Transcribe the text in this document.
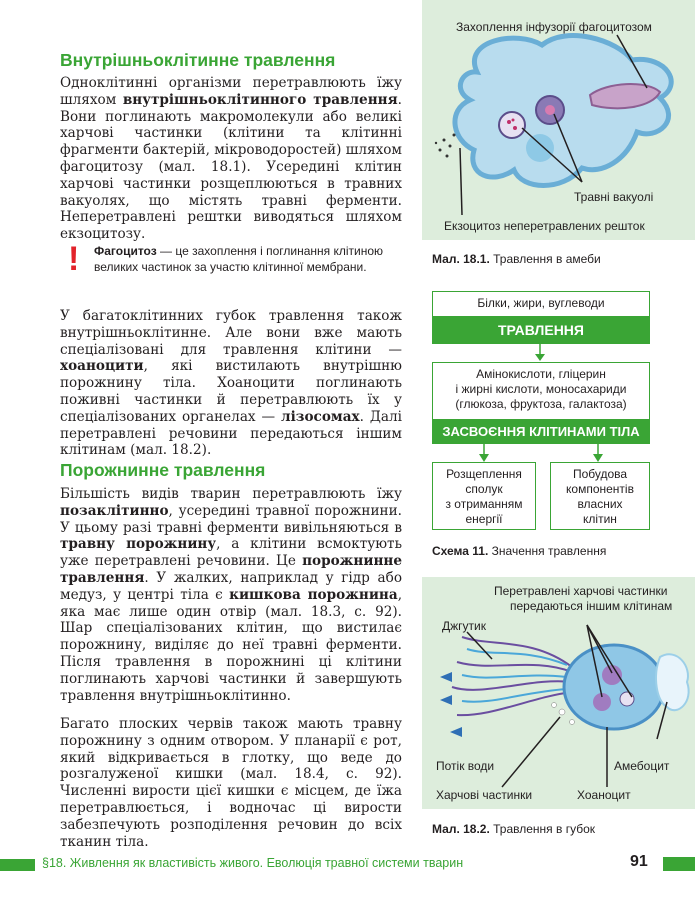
Внутрішньоклітинне травлення

Одноклітинні організми перетравлюють їжу шляхом внутрішньоклітинного травлення. Вони поглинають макромолекули або великі харчові частинки (клітини та клітинні фрагменти бактерій, мікроводоростей) шляхом фагоцитозу (мал. 18.1). Усередині клітин харчові частинки розщеплюються в травних вакуолях, що містять травні ферменти. Неперетравлені рештки виводяться шляхом екзоцитозу.

! Фагоцитоз — це захоплення і поглинання клітиною великих частинок за участю клітинної мембрани.

У багатоклітинних губок травлення також внутрішньоклітинне. Але вони вже мають спеціалізовані для травлення клітини — хоаноцити, які вистилають внутрішню порожнину тіла. Хоаноцити поглинають поживні частинки й перетравлюють їх у спеціалізованих органелах — лізосомах. Далі перетравлені речовини передаються іншим клітинам (мал. 18.2).

Порожнинне травлення

Більшість видів тварин перетравлюють їжу позаклітинно, усередині травної порожнини. У цьому разі травні ферменти вивільняються в травну порожнину, а клітини всмоктують уже перетравлені речовини. Це порожнинне травлення. У жалких, наприклад у гідр або медуз, у центрі тіла є кишкова порожнина, яка має лише один отвір (мал. 18.3, с. 92). Шар спеціалізованих клітин, що вистилає порожнину, виділяє до неї травні ферменти. Після травлення в порожнині ці клітини поглинають харчові частинки й завершують травлення внутрішньоклітинно.

Багато плоских червів також мають травну порожнину з одним отвором. У планарії є рот, який відкривається в глотку, що веде до розгалуженої кишки (мал. 18.4, с. 92). Численні вирости цієї кишки є місцем, де їжа перетравлюється, і водночас ці вирости забезпечують розподілення речовин до всіх тканин тіла.

Захоплення інфузорії фагоцитозом
Травні вакуолі
Екзоцитоз неперетравлених решток
Мал. 18.1. Травлення в амеби
Білки, жири, вуглеводи
ТРАВЛЕННЯ
Амінокислоти, гліцерин
і жирні кислоти, моносахариди
(глюкоза, фруктоза, галактоза)
ЗАСВОЄННЯ КЛІТИНАМИ ТІЛА
Розщеплення
сполук
з отриманням
енергії
Побудова
компонентів
власних
клітин
Схема 11. Значення травлення
Перетравлені харчові частинки
передаються іншим клітинам
Джгутик
Потік води	Амебоцит
Харчові частинки	Хоаноцит
Мал. 18.2. Травлення в губок
§18. Живлення як властивість живого. Еволюція травної системи тварин	91
